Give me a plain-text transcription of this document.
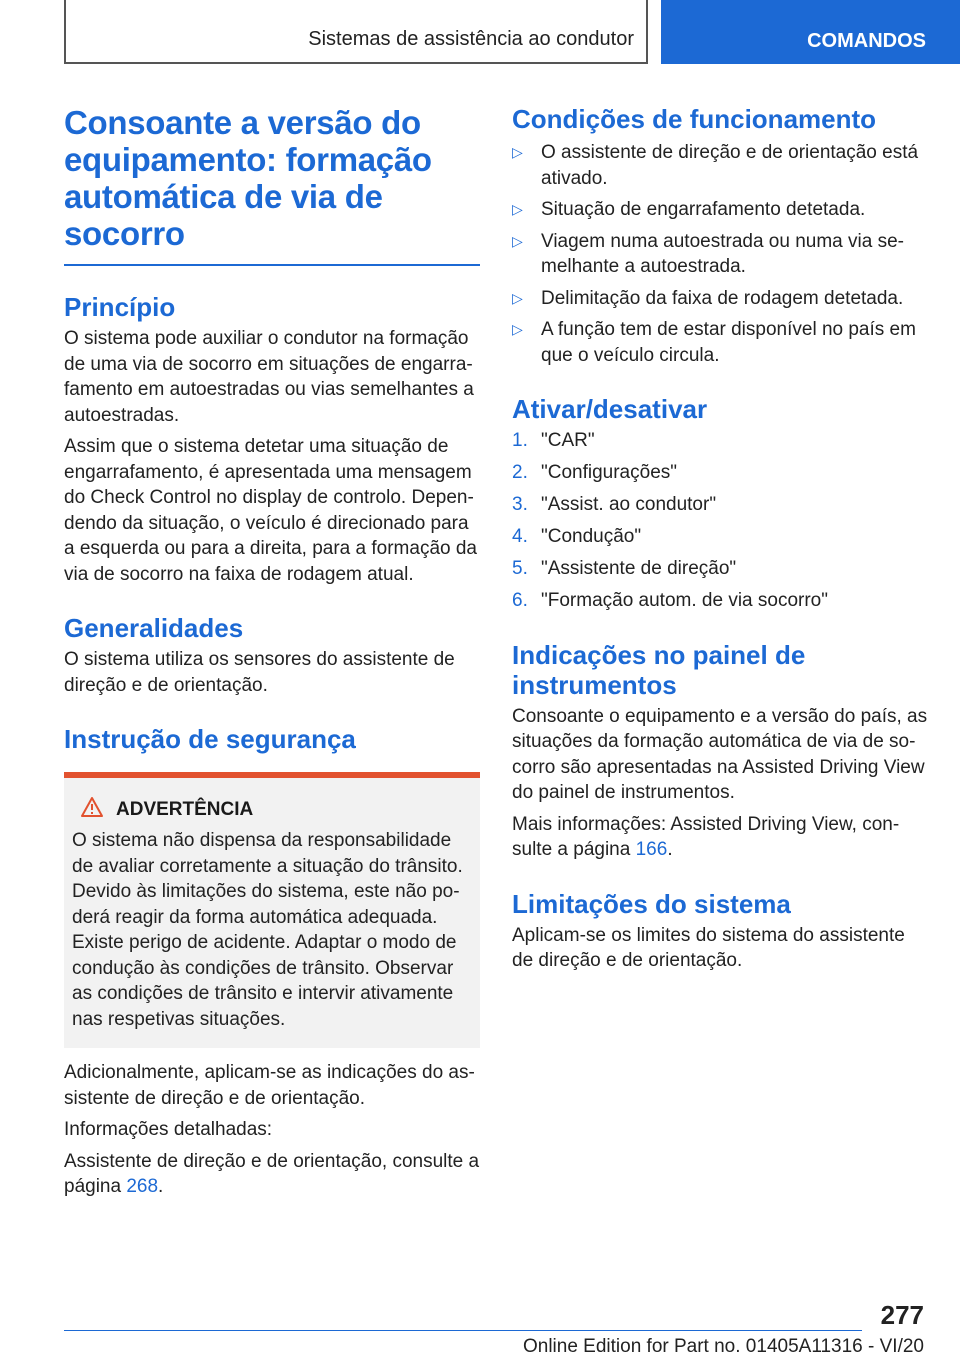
Sistemas de assistência ao condutor	COMANDOS
Consoante a versão do equipamento: formação automática de via de socorro
Princípio

O sistema pode auxiliar o condutor na formação de uma via de socorro em situações de engarra-famento em autoestradas ou vias semelhantes a autoestradas.

Assim que o sistema detetar uma situação de engarrafamento, é apresentada uma mensagem do Check Control no display de controlo. Depen-dendo da situação, o veículo é direcionado para a esquerda ou para a direita, para a formação da via de socorro na faixa de rodagem atual.

Generalidades

O sistema utiliza os sensores do assistente de direção e de orientação.

Instrução de segurança
ADVERTÊNCIA

O sistema não dispensa da responsabilidade de avaliar corretamente a situação do trânsito. Devido às limitações do sistema, este não po-derá reagir da forma automática adequada. Existe perigo de acidente. Adaptar o modo de condução às condições de trânsito. Observar as condições de trânsito e intervir ativamente nas respetivas situações.

Adicionalmente, aplicam-se as indicações do as-sistente de direção e de orientação.

Informações detalhadas:

Assistente de direção e de orientação, consulte a página 268.

Condições de funcionamento
▷ O assistente de direção e de orientação está ativado.
▷ Situação de engarrafamento detetada.
▷ Viagem numa autoestrada ou numa via se-melhante a autoestrada.
▷ Delimitação da faixa de rodagem detetada.
▷ A função tem de estar disponível no país em que o veículo circula.
Ativar/desativar
1. "CAR"
2. "Configurações"
3. "Assist. ao condutor"
4. "Condução"
5. "Assistente de direção"
6. "Formação autom. de via socorro"
Indicações no painel de instrumentos

Consoante o equipamento e a versão do país, as situações da formação automática de via de so-corro são apresentadas na Assisted Driving View do painel de instrumentos.

Mais informações: Assisted Driving View, con-sulte a página 166.

Limitações do sistema

Aplicam-se os limites do sistema do assistente de direção e de orientação.

277
Online Edition for Part no. 01405A11316 - VI/20
